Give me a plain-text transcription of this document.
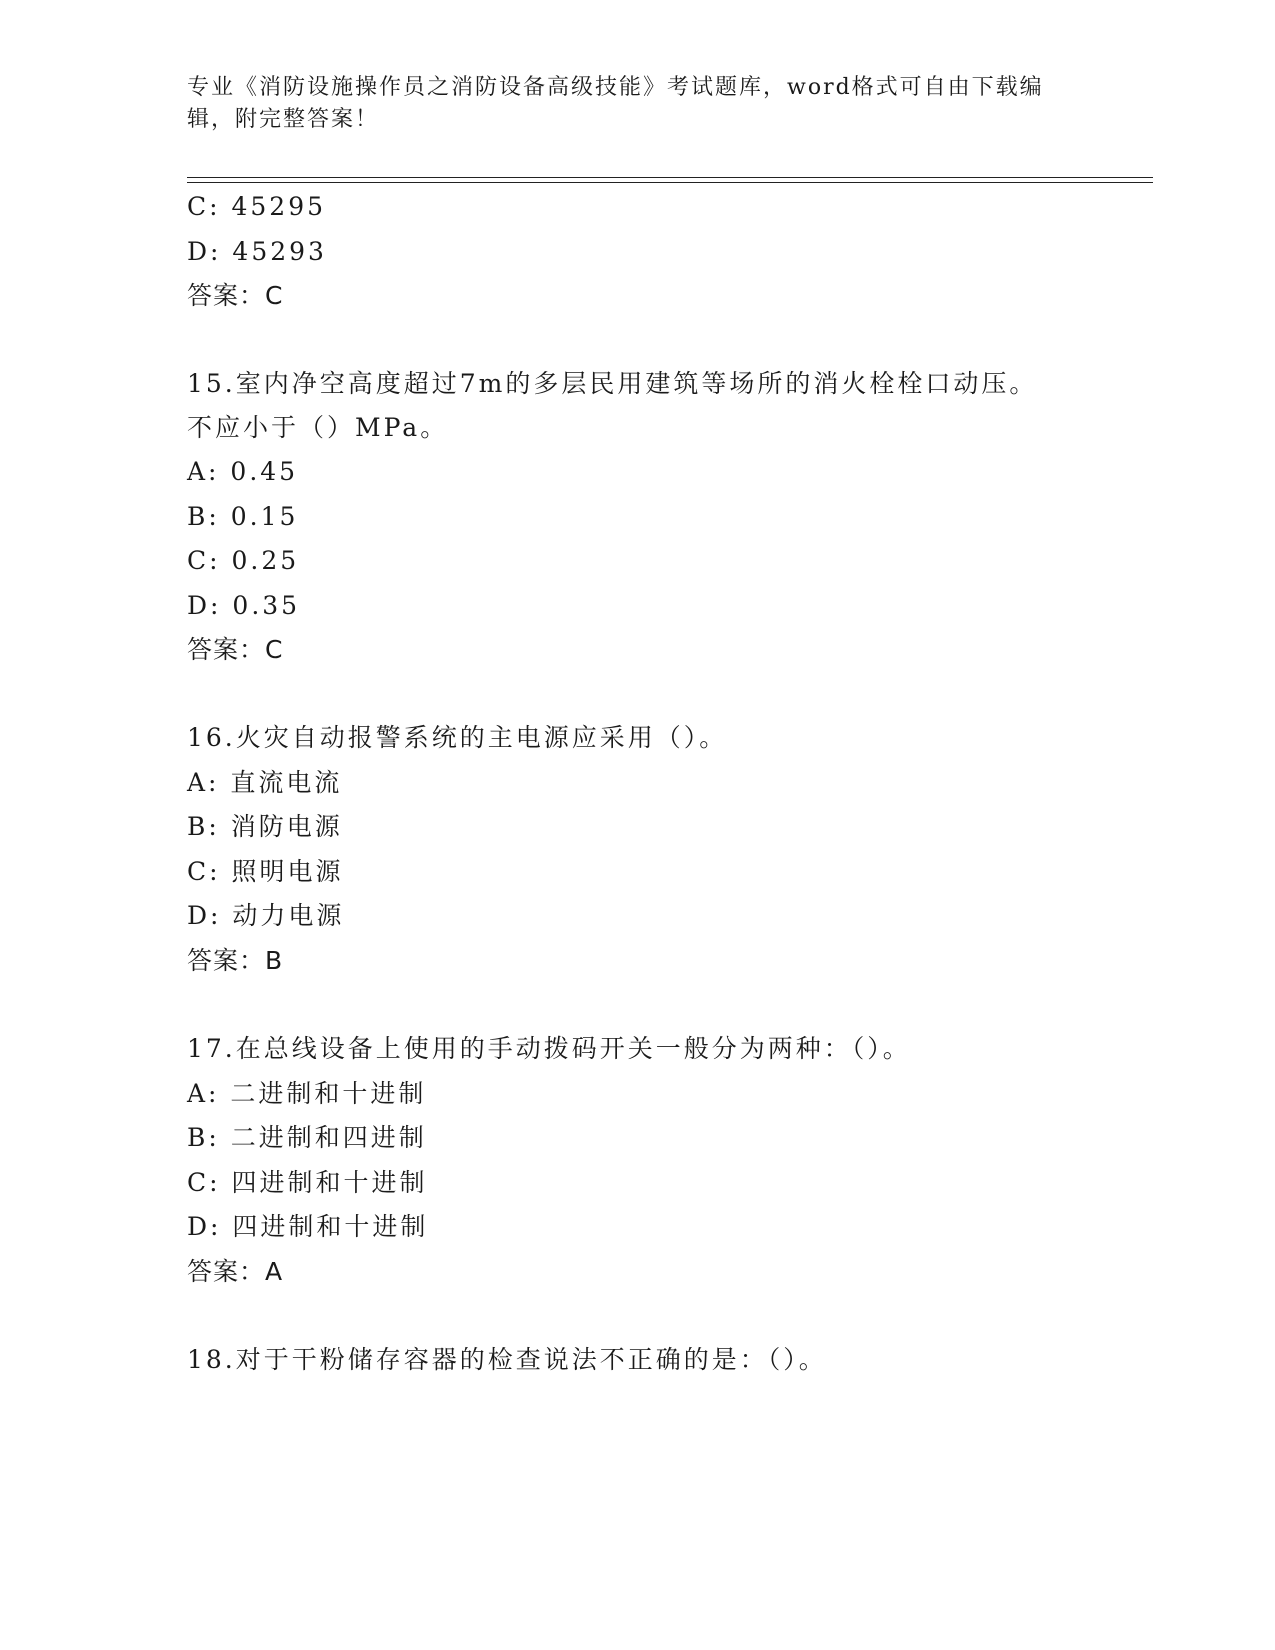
专业《消防设施操作员之消防设备高级技能》考试题库，word格式可自由下载编
辑，附完整答案！
C: 45295
D: 45293
答案：C
15.室内净空高度超过7m的多层民用建筑等场所的消火栓栓口动压。
不应小于（）MPa。
A: 0.45
B: 0.15
C: 0.25
D: 0.35
答案：C
16.火灾自动报警系统的主电源应采用（）。
A: 直流电流
B: 消防电源
C: 照明电源
D: 动力电源
答案：B
17.在总线设备上使用的手动拨码开关一般分为两种：（）。
A: 二进制和十进制
B: 二进制和四进制
C: 四进制和十进制
D: 四进制和十进制
答案：A
18.对于干粉储存容器的检查说法不正确的是：（）。
